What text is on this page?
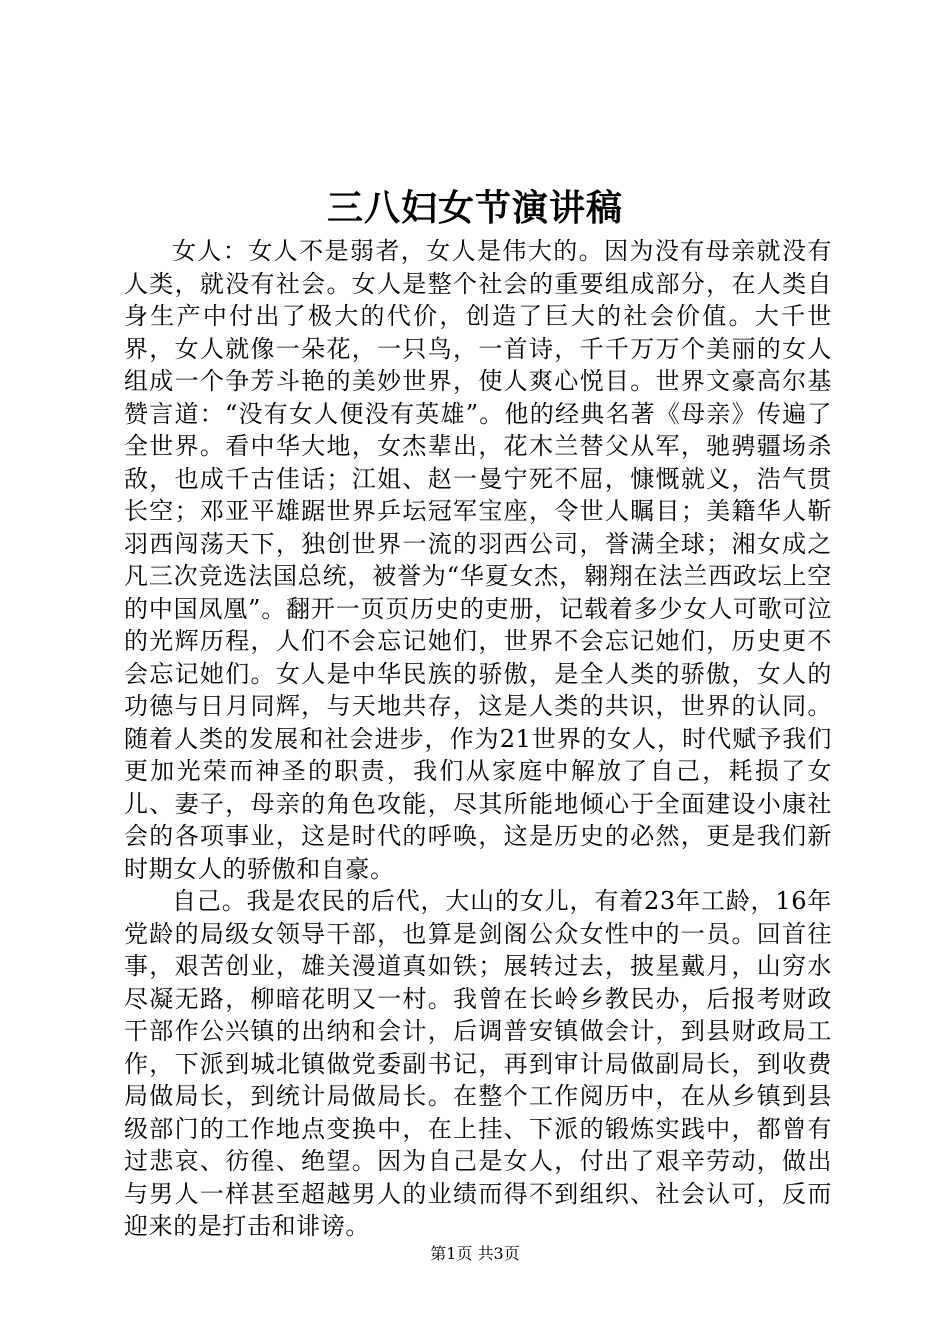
三八妇女节演讲稿

女人：女人不是弱者，女人是伟大的。因为没有母亲就没有人类，就没有社会。女人是整个社会的重要组成部分，在人类自身生产中付出了极大的代价，创造了巨大的社会价值。大千世界，女人就像一朵花，一只鸟，一首诗，千千万万个美丽的女人组成一个争芳斗艳的美妙世界，使人爽心悦目。世界文豪高尔基赞言道：“没有女人便没有英雄”。他的经典名著《母亲》传遍了全世界。看中华大地，女杰辈出，花木兰替父从军，驰骋疆场杀敌，也成千古佳话；江姐、赵一曼宁死不屈，慷慨就义，浩气贯长空；邓亚平雄踞世界乒坛冠军宝座，令世人瞩目；美籍华人靳羽西闯荡天下，独创世界一流的羽西公司，誉满全球；湘女成之凡三次竞选法国总统，被誉为“华夏女杰，翱翔在法兰西政坛上空的中国凤凰”。翻开一页页历史的吏册，记载着多少女人可歌可泣的光辉历程，人们不会忘记她们，世界不会忘记她们，历史更不会忘记她们。女人是中华民族的骄傲，是全人类的骄傲，女人的功德与日月同辉，与天地共存，这是人类的共识，世界的认同。随着人类的发展和社会进步，作为21世界的女人，时代赋予我们更加光荣而神圣的职责，我们从家庭中解放了自己，耗损了女儿、妻子，母亲的角色攻能，尽其所能地倾心于全面建设小康社会的各项事业，这是时代的呼唤，这是历史的必然，更是我们新时期女人的骄傲和自豪。

自己。我是农民的后代，大山的女儿，有着23年工龄，16年党龄的局级女领导干部，也算是剑阁公众女性中的一员。回首往事，艰苦创业，雄关漫道真如铁；展转过去，披星戴月，山穷水尽凝无路，柳暗花明又一村。我曾在长岭乡教民办，后报考财政干部作公兴镇的出纳和会计，后调普安镇做会计，到县财政局工作，下派到城北镇做党委副书记，再到审计局做副局长，到收费局做局长，到统计局做局长。在整个工作阅历中，在从乡镇到县级部门的工作地点变换中，在上挂、下派的锻炼实践中，都曾有过悲哀、彷徨、绝望。因为自己是女人，付出了艰辛劳动，做出与男人一样甚至超越男人的业绩而得不到组织、社会认可，反而迎来的是打击和诽谤。

第1页 共3页
